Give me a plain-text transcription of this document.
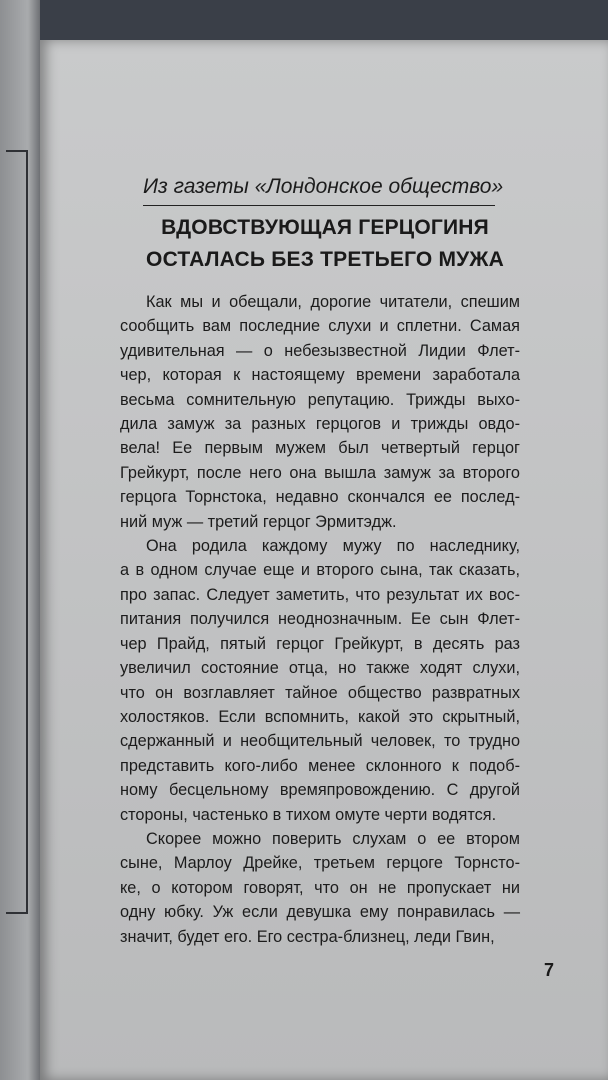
Из газеты «Лондонское общество»
ВДОВСТВУЮЩАЯ ГЕРЦОГИНЯ
ОСТАЛАСЬ БЕЗ ТРЕТЬЕГО МУЖА
Как мы и обещали, дорогие читатели, спешим
сообщить вам последние слухи и сплетни. Самая
удивительная — о небезызвестной Лидии Флет-
чер, которая к настоящему времени заработала
весьма сомнительную репутацию. Трижды выхо-
дила замуж за разных герцогов и трижды овдо-
вела! Ее первым мужем был четвертый герцог
Грейкурт, после него она вышла замуж за второго
герцога Торнстока, недавно скончался ее послед-
ний муж — третий герцог Эрмитэдж.
Она родила каждому мужу по наследнику,
а в одном случае еще и второго сына, так сказать,
про запас. Следует заметить, что результат их вос-
питания получился неоднозначным. Ее сын Флет-
чер Прайд, пятый герцог Грейкурт, в десять раз
увеличил состояние отца, но также ходят слухи,
что он возглавляет тайное общество развратных
холостяков. Если вспомнить, какой это скрытный,
сдержанный и необщительный человек, то трудно
представить кого-либо менее склонного к подоб-
ному бесцельному времяпровождению. С другой
стороны, частенько в тихом омуте черти водятся.
Скорее можно поверить слухам о ее втором
сыне, Марлоу Дрейке, третьем герцоге Торнсто-
ке, о котором говорят, что он не пропускает ни
одну юбку. Уж если девушка ему понравилась —
значит, будет его. Его сестра-близнец, леди Гвин,
7
